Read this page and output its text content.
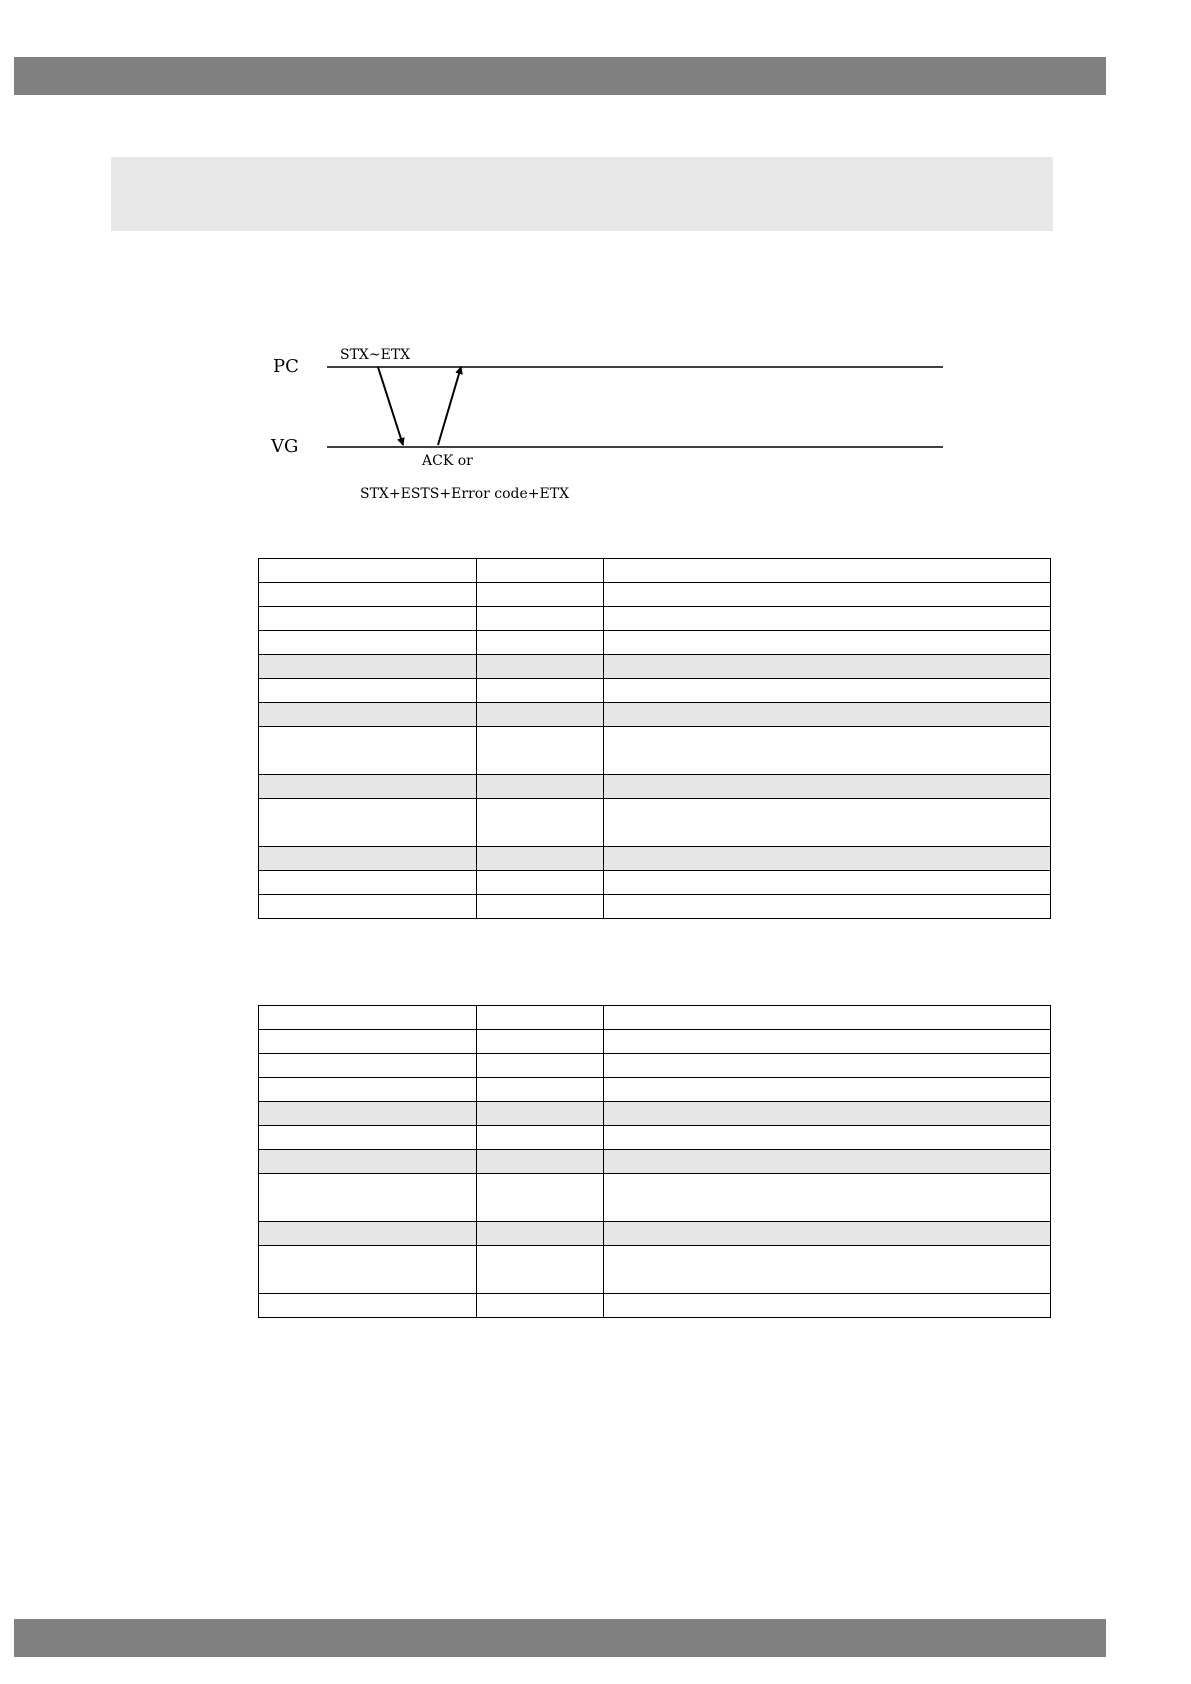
PC
VG
STX~ETX
ACK or
STX+ESTS+Error code+ETX
